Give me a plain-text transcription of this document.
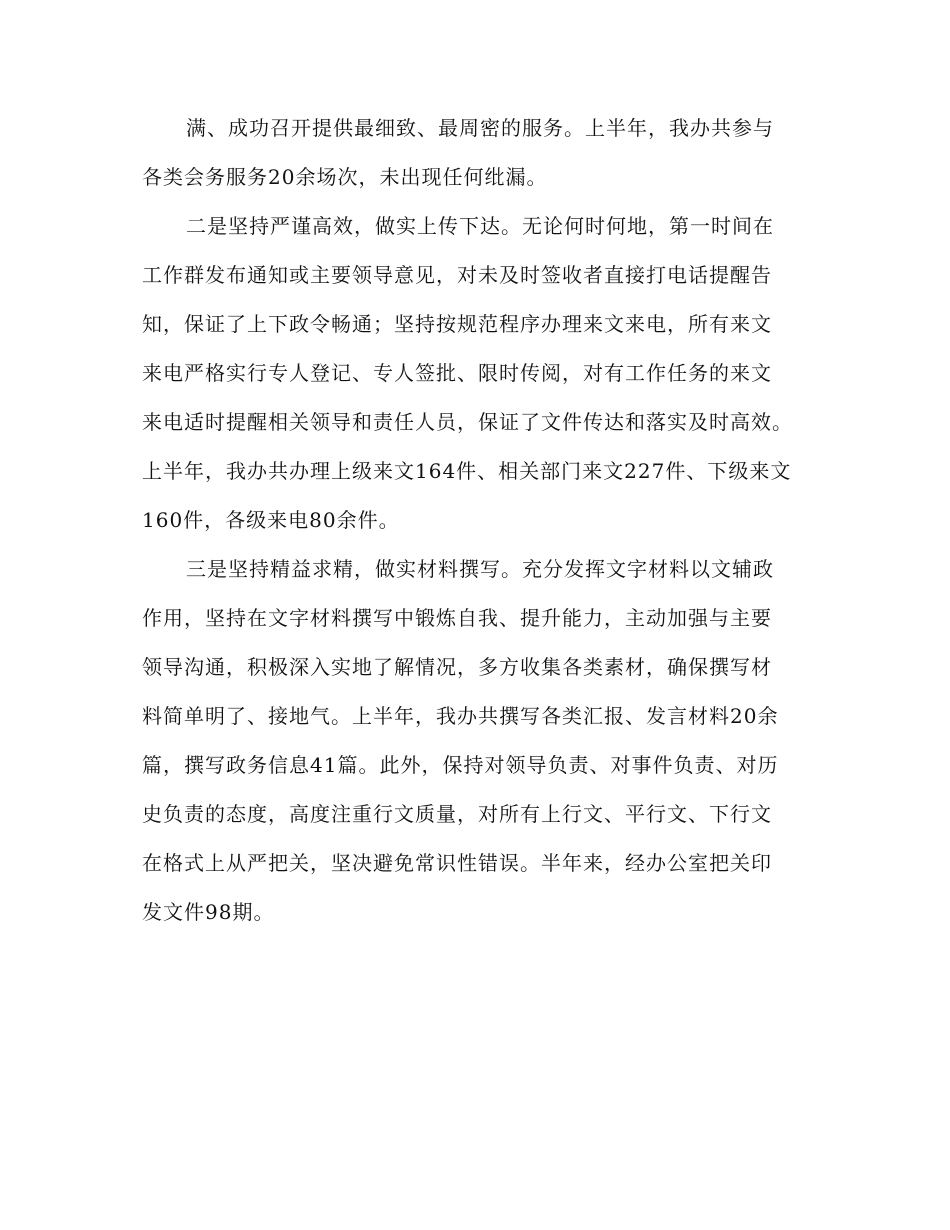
满、成功召开提供最细致、最周密的服务。上半年，我办共参与
各类会务服务20余场次，未出现任何纰漏。

二是坚持严谨高效，做实上传下达。无论何时何地，第一时间在
工作群发布通知或主要领导意见，对未及时签收者直接打电话提醒告
知，保证了上下政令畅通；坚持按规范程序办理来文来电，所有来文
来电严格实行专人登记、专人签批、限时传阅，对有工作任务的来文
来电适时提醒相关领导和责任人员，保证了文件传达和落实及时高效。
上半年，我办共办理上级来文164件、相关部门来文227件、下级来文
160件，各级来电80余件。

三是坚持精益求精，做实材料撰写。充分发挥文字材料以文辅政
作用，坚持在文字材料撰写中锻炼自我、提升能力，主动加强与主要
领导沟通，积极深入实地了解情况，多方收集各类素材，确保撰写材
料简单明了、接地气。上半年，我办共撰写各类汇报、发言材料20余
篇，撰写政务信息41篇。此外，保持对领导负责、对事件负责、对历
史负责的态度，高度注重行文质量，对所有上行文、平行文、下行文
在格式上从严把关，坚决避免常识性错误。半年来，经办公室把关印
发文件98期。
